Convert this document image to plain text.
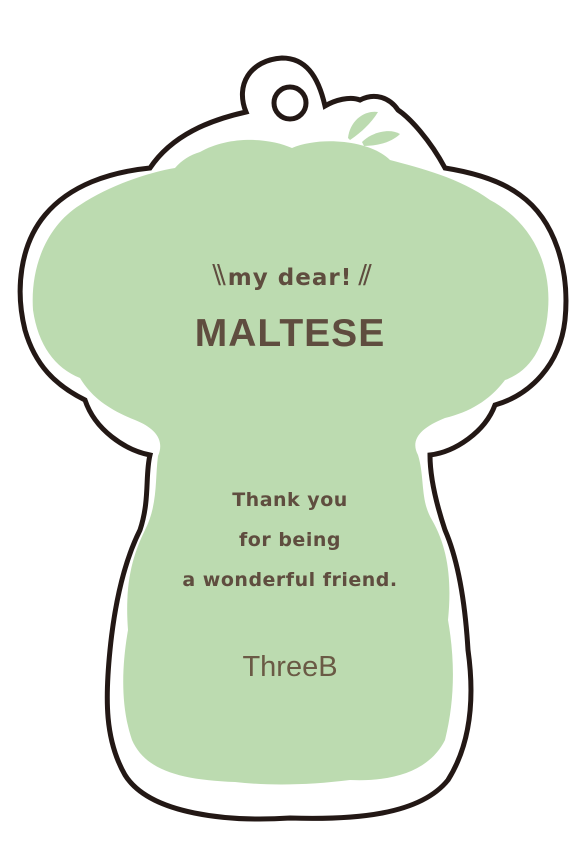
\\ my dear! //

MALTESE

Thank you

for being

a wonderful friend.

ThreeB
